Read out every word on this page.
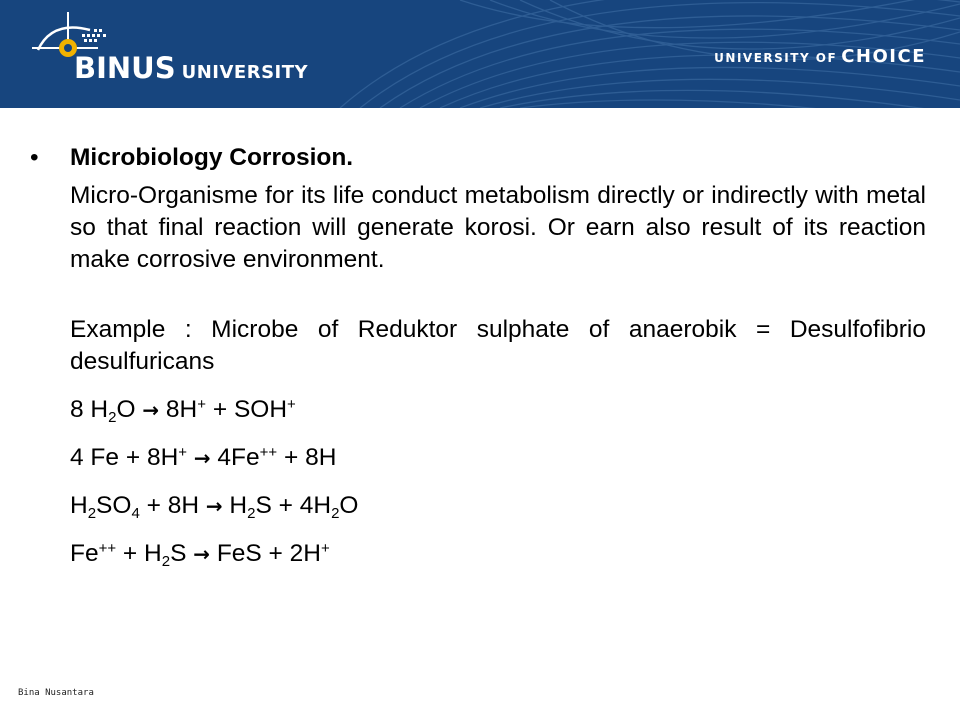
BINUS UNIVERSITY
UNIVERSITY OF CHOICE
• Microbiology Corrosion.
Micro-Organisme for its life conduct metabolism directly or indirectly with metal so that final reaction will generate korosi. Or earn also result of its reaction make corrosive environment.
Example : Microbe of Reduktor sulphate of anaerobik = Desulfofibrio desulfuricans
8 $H_2O \to 8H^+ + SOH^+$
4 Fe + 8H+ → 4Fe++ + 8H
$H_2SO_4 + 8H \to H_2S + 4H_2O$
$Fe^{++} + H_2S$ → FeS + 2H+
Bina Nusantara
